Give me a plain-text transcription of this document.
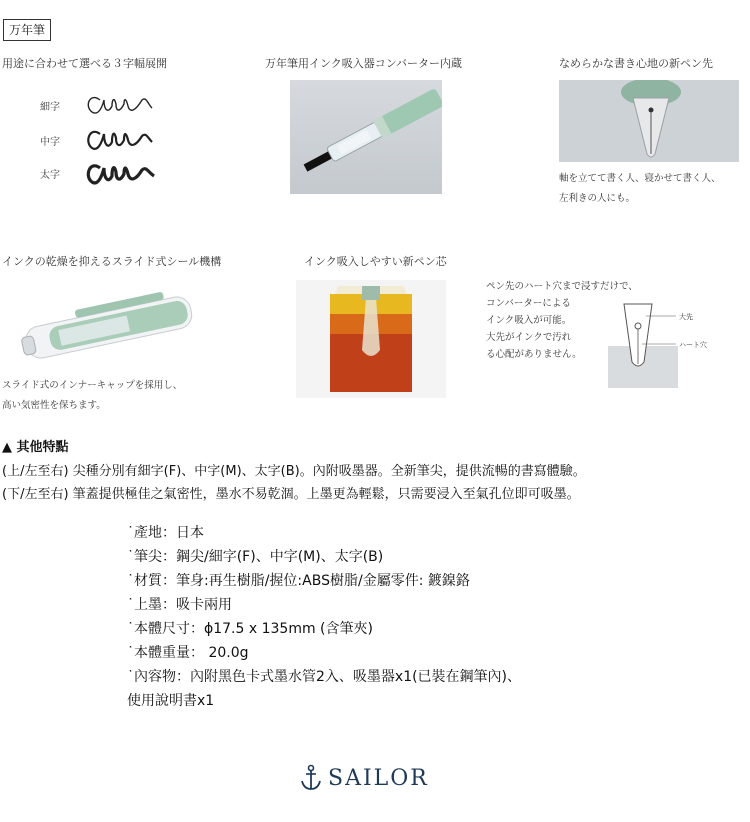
万年筆
用途に合わせて選べる３字幅展開
細字
中字
太字
万年筆用インク吸入器コンバーター内蔵	なめらかな書き心地の新ペン先
軸を立てて書く人、寝かせて書く人、
左利きの人にも。
インクの乾燥を抑えるスライド式シール機構
スライド式のインナーキャップを採用し、
高い気密性を保ちます。
インク吸入しやすい新ペン芯
ペン先のハート穴まで浸すだけで、
コンバーターによる
インク吸入が可能。
大先がインクで汚れ
る心配がありません。
大先
ハート穴
▲ 其他特點
(上/左至右) 尖種分別有細字(F)、中字(M)、太字(B)。內附吸墨器。全新筆尖，提供流暢的書寫體驗。
(下/左至右) 筆蓋提供極佳之氣密性，墨水不易乾涸。上墨更為輕鬆，只需要浸入至氣孔位即可吸墨。
˙產地：日本
˙筆尖：鋼尖/細字(F)、中字(M)、太字(B)
˙材質：筆身:再生樹脂/握位:ABS樹脂/金屬零件: 鍍鎳鉻
˙上墨：吸卡兩用
˙本體尺寸：ϕ17.5 x 135mm (含筆夾)
˙本體重量： 20.0g
˙內容物：內附黑色卡式墨水管2入、吸墨器x1(已裝在鋼筆內)、
使用說明書x1
SAILOR
